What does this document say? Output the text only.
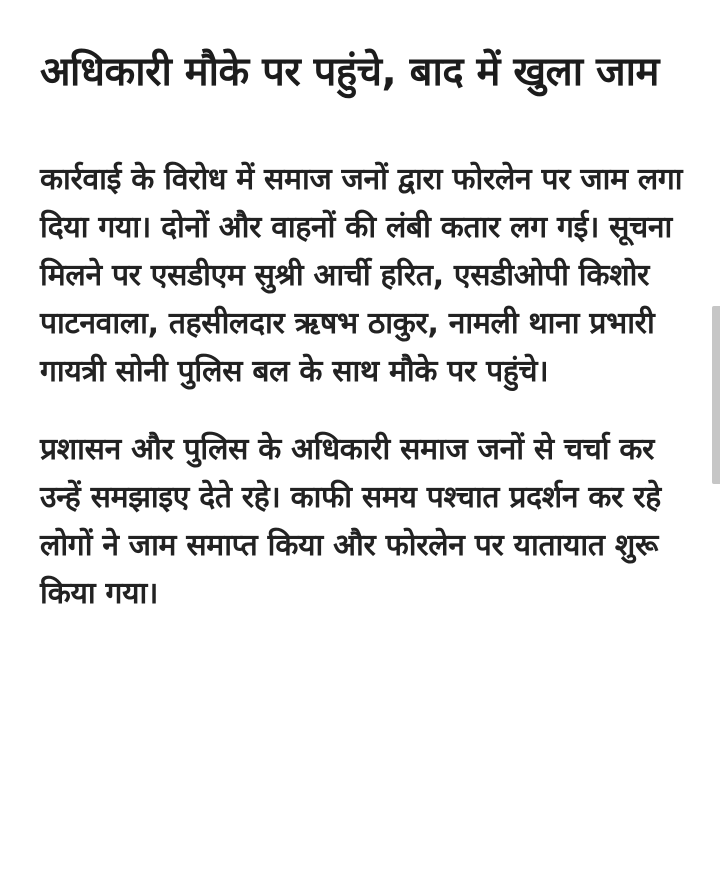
अधिकारी मौके पर पहुंचे, बाद में खुला जाम

कार्रवाई के विरोध में समाज जनों द्वारा फोरलेन पर जाम लगा दिया गया। दोनों और वाहनों की लंबी कतार लग गई। सूचना मिलने पर एसडीएम सुश्री आर्ची हरित, एसडीओपी किशोर पाटनवाला, तहसीलदार ऋषभ ठाकुर, नामली थाना प्रभारी गायत्री सोनी पुलिस बल के साथ मौके पर पहुंचे।

प्रशासन और पुलिस के अधिकारी समाज जनों से चर्चा कर उन्हें समझाइए देते रहे। काफी समय पश्चात प्रदर्शन कर रहे लोगों ने जाम समाप्त किया और फोरलेन पर यातायात शुरू किया गया।
